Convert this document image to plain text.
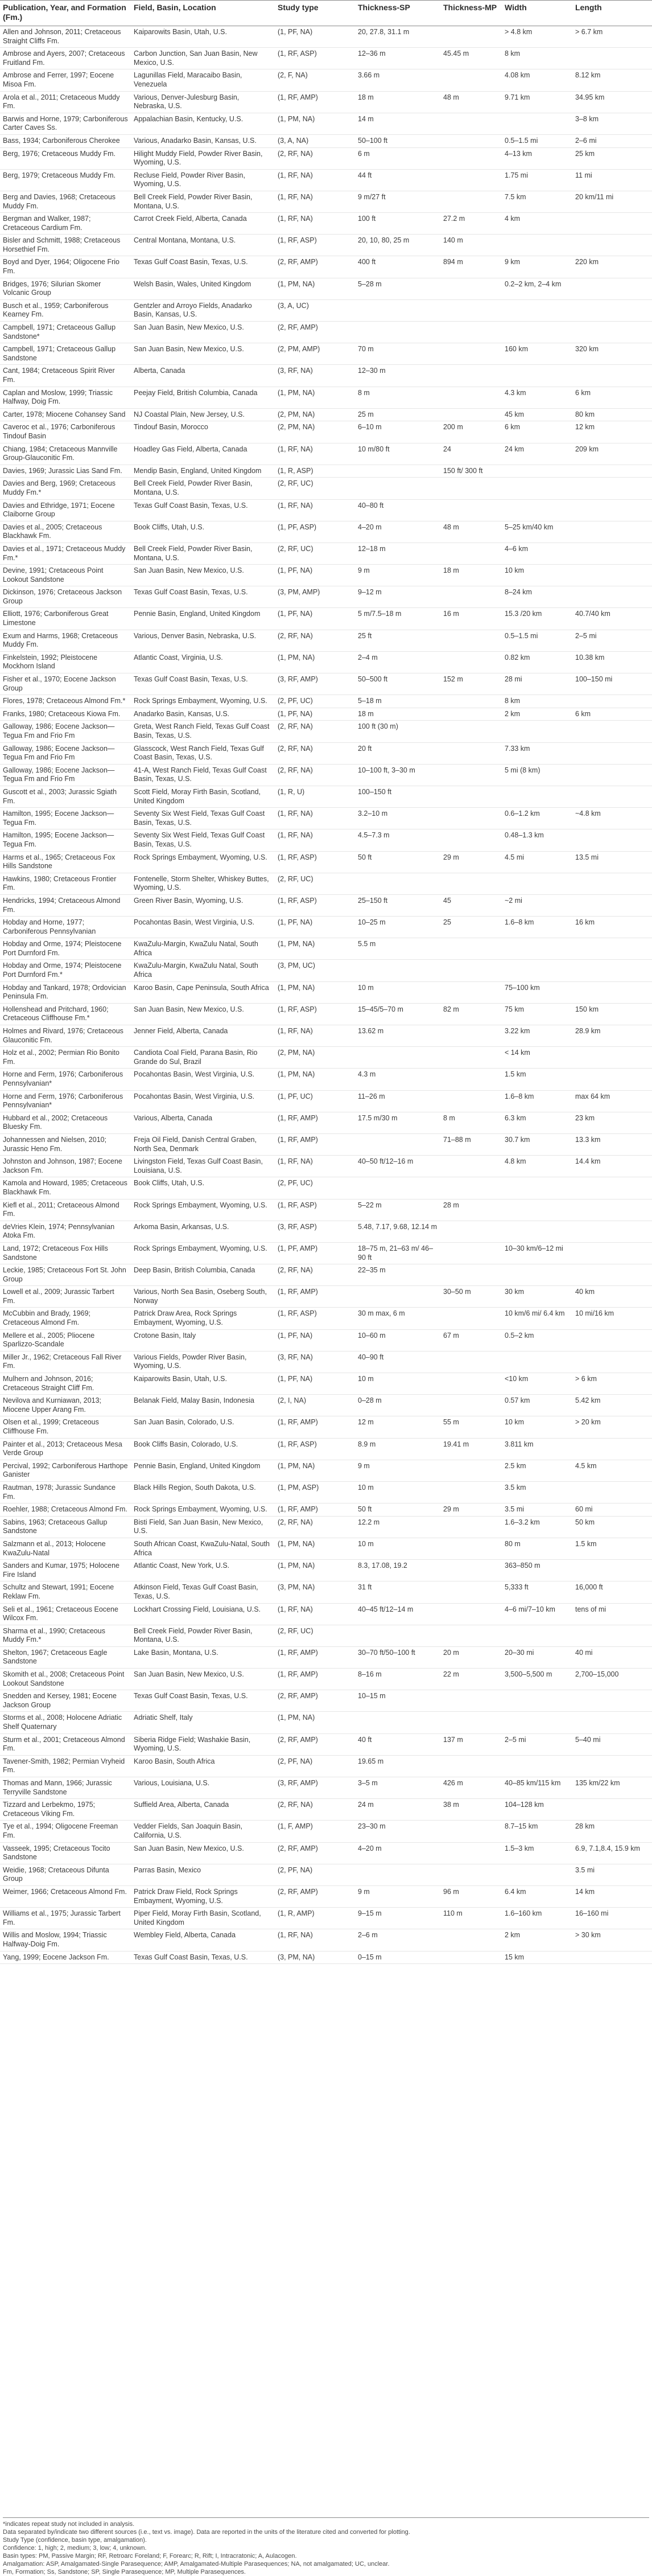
Publication, Year, and Formation (Fm.)	Field, Basin, Location	Study type	Thickness-SP	Thickness-MP	Width	Length
Allen and Johnson, 2011; Cretaceous Straight Cliffs Fm.	Kaiparowits Basin, Utah, U.S.	(1, PF, NA)	20, 27.8, 31.1 m		> 4.8 km	> 6.7 km
Ambrose and Ayers, 2007; Cretaceous Fruitland Fm.	Carbon Junction, San Juan Basin, New Mexico, U.S.	(1, RF, ASP)	12–36 m	45.45 m	8 km	
Ambrose and Ferrer, 1997; Eocene Misoa Fm.	Lagunillas Field, Maracaibo Basin, Venezuela	(2, F, NA)	3.66 m		4.08 km	8.12 km
Arola et al., 2011; Cretaceous Muddy Fm.	Various, Denver-Julesburg Basin, Nebraska, U.S.	(1, RF, AMP)	18 m	48 m	9.71 km	34.95 km
Barwis and Horne, 1979; Carboniferous Carter Caves Ss.	Appalachian Basin, Kentucky, U.S.	(1, PM, NA)	14 m			3–8 km
Bass, 1934; Carboniferous Cherokee	Various, Anadarko Basin, Kansas, U.S.	(3, A, NA)	50–100 ft		0.5–1.5 mi	2–6 mi
Berg, 1976; Cretaceous Muddy Fm.	Hilight Muddy Field, Powder River Basin, Wyoming, U.S.	(2, RF, NA)	6 m		4–13 km	25 km
Berg, 1979; Cretaceous Muddy Fm.	Recluse Field, Powder River Basin, Wyoming, U.S.	(1, RF, NA)	44 ft		1.75 mi	11 mi
Berg and Davies, 1968; Cretaceous Muddy Fm.	Bell Creek Field, Powder River Basin, Montana, U.S.	(1, RF, NA)	9 m/27 ft		7.5 km	20 km/11 mi
Bergman and Walker, 1987; Cretaceous Cardium Fm.	Carrot Creek Field, Alberta, Canada	(1, RF, NA)	100 ft	27.2 m	4 km	
Bisler and Schmitt, 1988; Cretaceous Horsethief Fm.	Central Montana, Montana, U.S.	(1, RF, ASP)	20, 10, 80, 25 m	140 m		
Boyd and Dyer, 1964; Oligocene Frio Fm.	Texas Gulf Coast Basin, Texas, U.S.	(2, RF, AMP)	400 ft	894 m	9 km	220 km
Bridges, 1976; Silurian Skomer Volcanic Group	Welsh Basin, Wales, United Kingdom	(1, PM, NA)	5–28 m		0.2–2 km, 2–4 km	
Busch et al., 1959; Carboniferous Kearney Fm.	Gentzler and Arroyo Fields, Anadarko Basin, Kansas, U.S.	(3, A, UC)				
Campbell, 1971; Cretaceous Gallup Sandstone*	San Juan Basin, New Mexico, U.S.	(2, RF, AMP)				
Campbell, 1971; Cretaceous Gallup Sandstone	San Juan Basin, New Mexico, U.S.	(2, PM, AMP)	70 m		160 km	320 km
Cant, 1984; Cretaceous Spirit River Fm.	Alberta, Canada	(3, RF, NA)	12–30 m			
Caplan and Moslow, 1999; Triassic Halfway, Doig Fm.	Peejay Field, British Columbia, Canada	(1, PM, NA)	8 m		4.3 km	6 km
Carter, 1978; Miocene Cohansey Sand	NJ Coastal Plain, New Jersey, U.S.	(2, PM, NA)	25 m		45 km	80 km
Caveroc et al., 1976; Carboniferous Tindouf Basin	Tindouf Basin, Morocco	(2, PM, NA)	6–10 m	200 m	6 km	12 km
Chiang, 1984; Cretaceous Mannville Group-Glauconitic Fm.	Hoadley Gas Field, Alberta, Canada	(1, RF, NA)	10 m/80 ft	24	24 km	209 km
Davies, 1969; Jurassic Lias Sand Fm.	Mendip Basin, England, United Kingdom	(1, R, ASP)		150 ft/ 300 ft		
Davies and Berg, 1969; Cretaceous Muddy Fm.*	Bell Creek Field, Powder River Basin, Montana, U.S.	(2, RF, UC)				
Davies and Ethridge, 1971; Eocene Claiborne Group	Texas Gulf Coast Basin, Texas, U.S.	(1, RF, NA)	40–80 ft			
Davies et al., 2005; Cretaceous Blackhawk Fm.	Book Cliffs, Utah, U.S.	(1, PF, ASP)	4–20 m	48 m	5–25 km/40 km	
Davies et al., 1971; Cretaceous Muddy Fm.*	Bell Creek Field, Powder River Basin, Montana, U.S.	(2, RF, UC)	12–18 m		4–6 km	
Devine, 1991; Cretaceous Point Lookout Sandstone	San Juan Basin, New Mexico, U.S.	(1, PF, NA)	9 m	18 m	10 km	
Dickinson, 1976; Cretaceous Jackson Group	Texas Gulf Coast Basin, Texas, U.S.	(3, PM, AMP)	9–12 m		8–24 km	
Elliott, 1976; Carboniferous Great Limestone	Pennie Basin, England, United Kingdom	(1, PF, NA)	5 m/7.5–18 m	16 m	15.3 /20 km	40.7/40 km
Exum and Harms, 1968; Cretaceous Muddy Fm.	Various, Denver Basin, Nebraska, U.S.	(2, RF, NA)	25 ft		0.5–1.5 mi	2–5 mi
Finkelstein, 1992; Pleistocene Mockhorn Island	Atlantic Coast, Virginia, U.S.	(1, PM, NA)	2–4 m		0.82 km	10.38 km
Fisher et al., 1970; Eocene Jackson Group	Texas Gulf Coast Basin, Texas, U.S.	(3, RF, AMP)	50–500 ft	152 m	28 mi	100–150 mi
Flores, 1978; Cretaceous Almond Fm.*	Rock Springs Embayment, Wyoming, U.S.	(2, PF, UC)	5–18 m		8 km	
Franks, 1980; Cretaceous Kiowa Fm.	Anadarko Basin, Kansas, U.S.	(1, PF, NA)	18 m		2 km	6 km
Galloway, 1986; Eocene Jackson—Tegua Fm and Frio Fm	Greta, West Ranch Field, Texas Gulf Coast Basin, Texas, U.S.	(2, RF, NA)	100 ft (30 m)			
Galloway, 1986; Eocene Jackson—Tegua Fm and Frio Fm	Glasscock, West Ranch Field, Texas Gulf Coast Basin, Texas, U.S.	(2, RF, NA)	20 ft		7.33 km	
Galloway, 1986; Eocene Jackson—Tegua Fm and Frio Fm	41-A, West Ranch Field, Texas Gulf Coast Basin, Texas, U.S.	(2, RF, NA)	10–100 ft, 3–30 m		5 mi (8 km)	
Guscott et al., 2003; Jurassic Sgiath Fm.	Scott Field, Moray Firth Basin, Scotland, United Kingdom	(1, R, U)	100–150 ft			
Hamilton, 1995; Eocene Jackson—Tegua Fm.	Seventy Six West Field, Texas Gulf Coast Basin, Texas, U.S.	(1, RF, NA)	3.2–10 m		0.6–1.2 km	~4.8 km
Hamilton, 1995; Eocene Jackson—Tegua Fm.	Seventy Six West Field, Texas Gulf Coast Basin, Texas, U.S.	(1, RF, NA)	4.5–7.3 m		0.48–1.3 km	
Harms et al., 1965; Cretaceous Fox Hills Sandstone	Rock Springs Embayment, Wyoming, U.S.	(1, RF, ASP)	50 ft	29 m	4.5 mi	13.5 mi
Hawkins, 1980; Cretaceous Frontier Fm.	Fontenelle, Storm Shelter, Whiskey Buttes, Wyoming, U.S.	(2, RF, UC)				
Hendricks, 1994; Cretaceous Almond Fm.	Green River Basin, Wyoming, U.S.	(1, RF, ASP)	25–150 ft	45	~2 mi	
Hobday and Horne, 1977; Carboniferous Pennsylvanian	Pocahontas Basin, West Virginia, U.S.	(1, PF, NA)	10–25 m	25	1.6–8 km	16 km
Hobday and Orme, 1974; Pleistocene Port Durnford Fm.	KwaZulu-Margin, KwaZulu Natal, South Africa	(1, PM, NA)	5.5 m			
Hobday and Orme, 1974; Pleistocene Port Durnford Fm.*	KwaZulu-Margin, KwaZulu Natal, South Africa	(3, PM, UC)				
Hobday and Tankard, 1978; Ordovician Peninsula Fm.	Karoo Basin, Cape Peninsula, South Africa	(1, PM, NA)	10 m		75–100 km	
Hollenshead and Pritchard, 1960; Cretaceous Cliffhouse Fm.*	San Juan Basin, New Mexico, U.S.	(1, RF, ASP)	15–45/5–70 m	82 m	75 km	150 km
Holmes and Rivard, 1976; Cretaceous Glauconitic Fm.	Jenner Field, Alberta, Canada	(1, RF, NA)	13.62 m		3.22 km	28.9 km
Holz et al., 2002; Permian Rio Bonito Fm.	Candiota Coal Field, Parana Basin, Rio Grande do Sul, Brazil	(2, PM, NA)			< 14 km	
Horne and Ferm, 1976; Carboniferous Pennsylvanian*	Pocahontas Basin, West Virginia, U.S.	(1, PM, NA)	4.3 m		1.5 km	
Horne and Ferm, 1976; Carboniferous Pennsylvanian*	Pocahontas Basin, West Virginia, U.S.	(1, PF, UC)	11–26 m		1.6–8 km	max 64 km
Hubbard et al., 2002; Cretaceous Bluesky Fm.	Various, Alberta, Canada	(1, RF, AMP)	17.5 m/30 m	8 m	6.3 km	23 km
Johannessen and Nielsen, 2010; Jurassic Heno Fm.	Freja Oil Field, Danish Central Graben, North Sea, Denmark	(1, RF, AMP)		71–88 m	30.7 km	13.3 km
Johnston and Johnson, 1987; Eocene Jackson Fm.	Livingston Field, Texas Gulf Coast Basin, Louisiana, U.S.	(1, RF, NA)	40–50 ft/12–16 m		4.8 km	14.4 km
Kamola and Howard, 1985; Cretaceous Blackhawk Fm.	Book Cliffs, Utah, U.S.	(2, PF, UC)				
Kiefl et al., 2011; Cretaceous Almond Fm.	Rock Springs Embayment, Wyoming, U.S.	(1, RF, ASP)	5–22 m	28 m		
deVries Klein, 1974; Pennsylvanian Atoka Fm.	Arkoma Basin, Arkansas, U.S.	(3, RF, ASP)	5.48, 7.17, 9.68, 12.14 m			
Land, 1972; Cretaceous Fox Hills Sandstone	Rock Springs Embayment, Wyoming, U.S.	(1, PF, AMP)	18–75 m, 21–63 m/ 46–90 ft		10–30 km/6–12 mi	
Leckie, 1985; Cretaceous Fort St. John Group	Deep Basin, British Columbia, Canada	(2, RF, NA)	22–35 m			
Lowell et al., 2009; Jurassic Tarbert Fm.	Various, North Sea Basin, Oseberg South, Norway	(1, RF, AMP)		30–50 m	30 km	40 km
McCubbin and Brady, 1969; Cretaceous Almond Fm.	Patrick Draw Area, Rock Springs Embayment, Wyoming, U.S.	(1, RF, ASP)	30 m max, 6 m		10 km/6 mi/ 6.4 km	10 mi/16 km
Mellere et al., 2005; Pliocene Sparlizzo-Scandale	Crotone Basin, Italy	(1, PF, NA)	10–60 m	67 m	0.5–2 km	
Miller Jr., 1962; Cretaceous Fall River Fm.	Various Fields, Powder River Basin, Wyoming, U.S.	(3, RF, NA)	40–90 ft			
Mulhern and Johnson, 2016; Cretaceous Straight Cliff Fm.	Kaiparowits Basin, Utah, U.S.	(1, PF, NA)	10 m		<10 km	> 6 km
Nevilova and Kurniawan, 2013; Miocene Upper Arang Fm.	Belanak Field, Malay Basin, Indonesia	(2, I, NA)	0–28 m		0.57 km	5.42 km
Olsen et al., 1999; Cretaceous Cliffhouse Fm.	San Juan Basin, Colorado, U.S.	(1, RF, AMP)	12 m	55 m	10 km	> 20 km
Painter et al., 2013; Cretaceous Mesa Verde Group	Book Cliffs Basin, Colorado, U.S.	(1, RF, ASP)	8.9 m	19.41 m	3.811 km	
Percival, 1992; Carboniferous Harthope Ganister	Pennie Basin, England, United Kingdom	(1, PM, NA)	9 m		2.5 km	4.5 km
Rautman, 1978; Jurassic Sundance Fm.	Black Hills Region, South Dakota, U.S.	(1, PM, ASP)	10 m		3.5 km	
Roehler, 1988; Cretaceous Almond Fm.	Rock Springs Embayment, Wyoming, U.S.	(1, RF, AMP)	50 ft	29 m	3.5 mi	60 mi
Sabins, 1963; Cretaceous Gallup Sandstone	Bisti Field, San Juan Basin, New Mexico, U.S.	(2, RF, NA)	12.2 m		1.6–3.2 km	50 km
Salzmann et al., 2013; Holocene KwaZulu-Natal	South African Coast, KwaZulu-Natal, South Africa	(1, PM, NA)	10 m		80 m	1.5 km
Sanders and Kumar, 1975; Holocene Fire Island	Atlantic Coast, New York, U.S.	(1, PM, NA)	8.3, 17.08, 19.2		363–850 m	
Schultz and Stewart, 1991; Eocene Reklaw Fm.	Atkinson Field, Texas Gulf Coast Basin, Texas, U.S.	(3, PM, NA)	31 ft		5,333 ft	16,000 ft
Seli et al., 1961; Cretaceous Eocene Wilcox Fm.	Lockhart Crossing Field, Louisiana, U.S.	(1, RF, NA)	40–45 ft/12–14 m		4–6 mi/7–10 km	tens of mi
Sharma et al., 1990; Cretaceous Muddy Fm.*	Bell Creek Field, Powder River Basin, Montana, U.S.	(2, RF, UC)				
Shelton, 1967; Cretaceous Eagle Sandstone	Lake Basin, Montana, U.S.	(1, RF, AMP)	30–70 ft/50–100 ft	20 m	20–30 mi	40 mi
Skomith et al., 2008; Cretaceous Point Lookout Sandstone	San Juan Basin, New Mexico, U.S.	(1, RF, AMP)	8–16 m	22 m	3,500–5,500 m	2,700–15,000
Snedden and Kersey, 1981; Eocene Jackson Group	Texas Gulf Coast Basin, Texas, U.S.	(2, RF, AMP)	10–15 m			
Storms et al., 2008; Holocene Adriatic Shelf Quaternary	Adriatic Shelf, Italy	(1, PM, NA)				
Sturm et al., 2001; Cretaceous Almond Fm.	Siberia Ridge Field; Washakie Basin, Wyoming, U.S.	(2, RF, AMP)	40 ft	137 m	2–5 mi	5–40 mi
Tavener-Smith, 1982; Permian Vryheid Fm.	Karoo Basin, South Africa	(2, PF, NA)	19.65 m			
Thomas and Mann, 1966; Jurassic Terryville Sandstone	Various, Louisiana, U.S.	(3, RF, AMP)	3–5 m	426 m	40–85 km/115 km	135 km/22 km
Tizzard and Lerbekmo, 1975; Cretaceous Viking Fm.	Suffield Area, Alberta, Canada	(2, RF, NA)	24 m	38 m	104–128 km	
Tye et al., 1994; Oligocene Freeman Fm.	Vedder Fields, San Joaquin Basin, California, U.S.	(1, F, AMP)	23–30 m		8.7–15 km	28 km
Vasseek, 1995; Cretaceous Tocito Sandstone	San Juan Basin, New Mexico, U.S.	(2, RF, AMP)	4–20 m		1.5–3 km	6.9, 7.1,8.4, 15.9 km
Weidie, 1968; Cretaceous Difunta Group	Parras Basin, Mexico	(2, PF, NA)				3.5 mi
Weimer, 1966; Cretaceous Almond Fm.	Patrick Draw Field, Rock Springs Embayment, Wyoming, U.S.	(2, RF, AMP)	9 m	96 m	6.4 km	14 km
Williams et al., 1975; Jurassic Tarbert Fm.	Piper Field, Moray Firth Basin, Scotland, United Kingdom	(1, R, AMP)	9–15 m	110 m	1.6–160 km	16–160 mi
Willis and Moslow, 1994; Triassic Halfway-Doig Fm.	Wembley Field, Alberta, Canada	(1, RF, NA)	2–6 m		2 km	> 30 km
Yang, 1999; Eocene Jackson Fm.	Texas Gulf Coast Basin, Texas, U.S.	(3, PM, NA)	0–15 m		15 km	

*indicates repeat study not included in analysis.

Data separated by/indicate two different sources (i.e., text vs. image). Data are reported in the units of the literature cited and converted for plotting.

Study Type (confidence, basin type, amalgamation).

Confidence: 1, high; 2, medium; 3, low; 4, unknown.

Basin types: PM, Passive Margin; RF, Retroarc Foreland; F, Forearc; R, Rift; I, Intracratonic; A, Aulacogen.

Amalgamation: ASP, Amalgamated-Single Parasequence; AMP, Amalgamated-Multiple Parasequences; NA, not amalgamated; UC, unclear.

Fm, Formation; Ss, Sandstone; SP, Single Parasequence; MP, Multiple Parasequences.
